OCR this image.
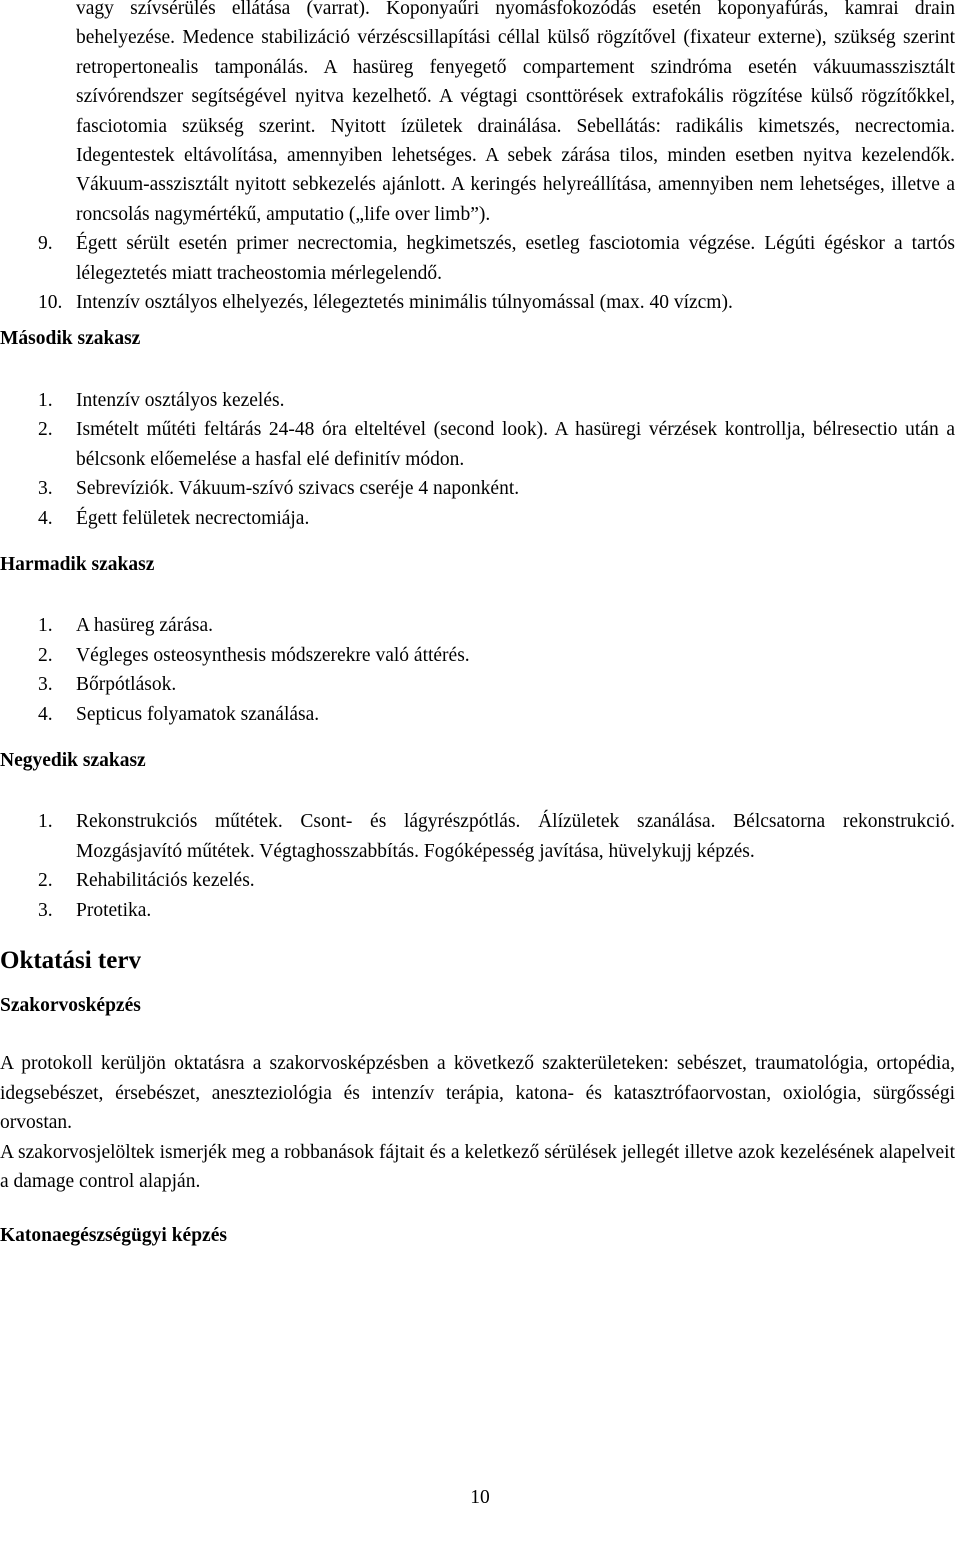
vagy szívsérülés ellátása (varrat). Koponyaűri nyomásfokozódás esetén koponyafúrás, kamrai drain behelyezése. Medence stabilizáció vérzéscsillapítási céllal külső rögzítővel (fixateur externe), szükség szerint retropertonealis tamponálás. A hasüreg fenyegető compartement szindróma esetén vákuumasszisztált szívórendszer segítségével nyitva kezelhető. A végtagi csonttörések extrafokális rögzítése külső rögzítőkkel, fasciotomia szükség szerint. Nyitott ízületek drainálása. Sebellátás: radikális kimetszés, necrectomia. Idegentestek eltávolítása, amennyiben lehetséges. A sebek zárása tilos, minden esetben nyitva kezelendők. Vákuum-asszisztált nyitott sebkezelés ajánlott. A keringés helyreállítása, amennyiben nem lehetséges, illetve a roncsolás nagymértékű, amputatio („life over limb”).
9. Égett sérült esetén primer necrectomia, hegkimetszés, esetleg fasciotomia végzése. Légúti égéskor a tartós lélegeztetés miatt tracheostomia mérlegelendő.
10. Intenzív osztályos elhelyezés, lélegeztetés minimális túlnyomással (max. 40 vízcm).
Második szakasz
1. Intenzív osztályos kezelés.
2. Ismételt műtéti feltárás 24-48 óra elteltével (second look). A hasüregi vérzések kontrollja, bélresectio után a bélcsonk előemelése a hasfal elé definitív módon.
3. Sebrevíziók. Vákuum-szívó szivacs cseréje 4 naponként.
4. Égett felületek necrectomiája.
Harmadik szakasz
1. A hasüreg zárása.
2. Végleges osteosynthesis módszerekre való áttérés.
3. Bőrpótlások.
4. Septicus folyamatok szanálása.
Negyedik szakasz
1. Rekonstrukciós műtétek. Csont- és lágyrészpótlás. Álízületek szanálása. Bélcsatorna rekonstrukció. Mozgásjavító műtétek. Végtaghosszabbítás. Fogóképesség javítása, hüvelykujj képzés.
2. Rehabilitációs kezelés.
3. Protetika.
Oktatási terv
Szakorvosképzés

A protokoll kerüljön oktatásra a szakorvosképzésben a következő szakterületeken: sebészet, traumatológia, ortopédia, idegsebészet, érsebészet, aneszteziológia és intenzív terápia, katona- és katasztrófaorvostan, oxiológia, sürgősségi orvostan.

A szakorvosjelöltek ismerjék meg a robbanások fájtait és a keletkező sérülések jellegét illetve azok kezelésének alapelveit a damage control alapján.

Katonaegészségügyi képzés
10
